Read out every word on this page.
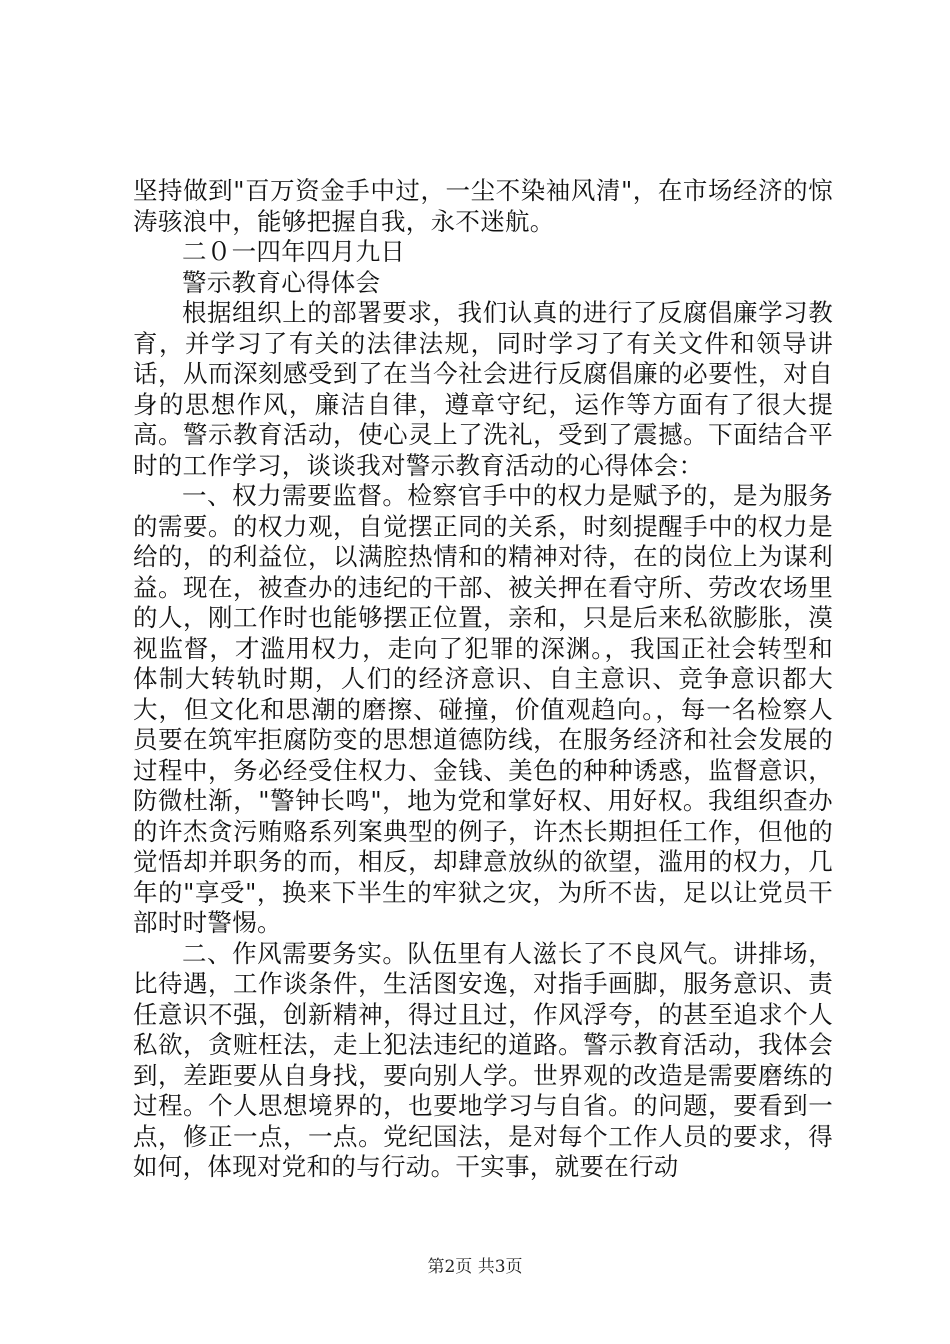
坚持做到"百万资金手中过，一尘不染袖风清"，在市场经济的惊涛骇浪中，能够把握自我，永不迷航。

二０一四年四月九日

警示教育心得体会

根据组织上的部署要求，我们认真的进行了反腐倡廉学习教育，并学习了有关的法律法规，同时学习了有关文件和领导讲话，从而深刻感受到了在当今社会进行反腐倡廉的必要性，对自身的思想作风，廉洁自律，遵章守纪，运作等方面有了很大提高。警示教育活动，使心灵上了洗礼，受到了震撼。下面结合平时的工作学习，谈谈我对警示教育活动的心得体会：

一、权力需要监督。检察官手中的权力是赋予的，是为服务的需要。的权力观，自觉摆正同的关系，时刻提醒手中的权力是给的，的利益位，以满腔热情和的精神对待，在的岗位上为谋利益。现在，被查办的违纪的干部、被关押在看守所、劳改农场里的人，刚工作时也能够摆正位置，亲和，只是后来私欲膨胀，漠视监督，才滥用权力，走向了犯罪的深渊。，我国正社会转型和体制大转轨时期，人们的经济意识、自主意识、竞争意识都大大，但文化和思潮的磨擦、碰撞，价值观趋向。，每一名检察人员要在筑牢拒腐防变的思想道德防线，在服务经济和社会发展的过程中，务必经受住权力、金钱、美色的种种诱惑，监督意识，防微杜渐，"警钟长鸣"，地为党和掌好权、用好权。我组织查办的许杰贪污贿赂系列案典型的例子，许杰长期担任工作，但他的觉悟却并职务的而，相反，却肆意放纵的欲望，滥用的权力，几年的"享受"，换来下半生的牢狱之灾，为所不齿，足以让党员干部时时警惕。

二、作风需要务实。队伍里有人滋长了不良风气。讲排场，比待遇，工作谈条件，生活图安逸，对指手画脚，服务意识、责任意识不强，创新精神，得过且过，作风浮夸，的甚至追求个人私欲，贪赃枉法，走上犯法违纪的道路。警示教育活动，我体会到，差距要从自身找，要向别人学。世界观的改造是需要磨练的过程。个人思想境界的，也要地学习与自省。的问题，要看到一点，修正一点，一点。党纪国法，是对每个工作人员的要求，得如何，体现对党和的与行动。干实事，就要在行动

第2页 共3页
